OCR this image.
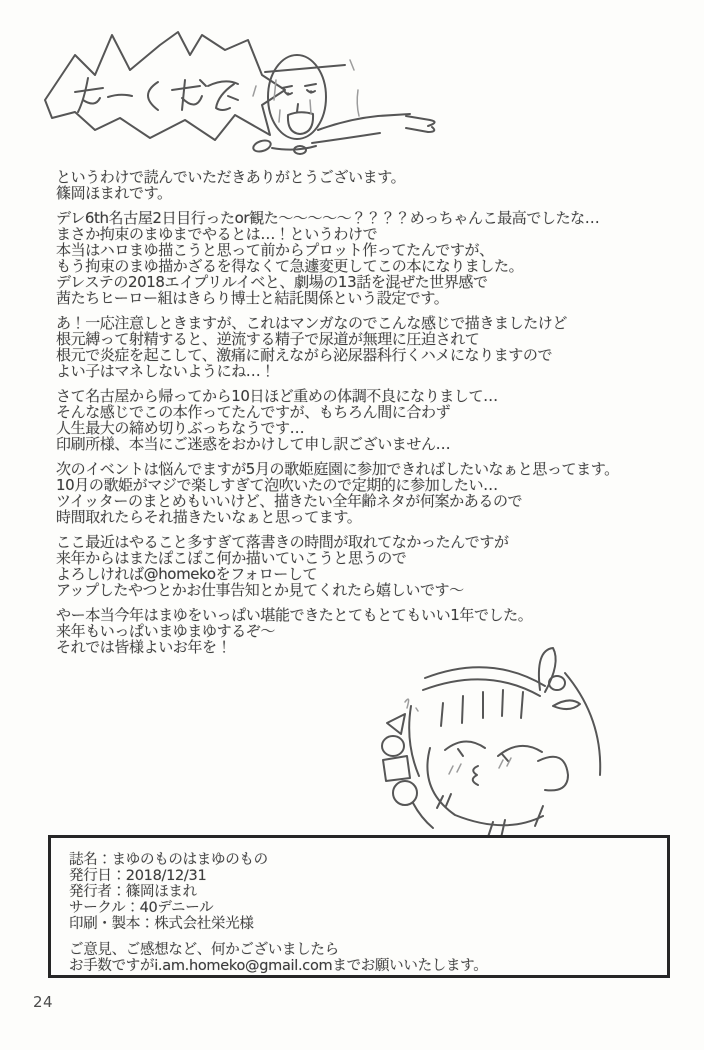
というわけで読んでいただきありがとうございます。
篠岡ほまれです。
デレ6th名古屋2日目行ったor観た～～～～～？？？？めっちゃんこ最高でしたな…
まさか拘束のまゆまでやるとは…！というわけで
本当はハロまゆ描こうと思って前からプロット作ってたんですが、
もう拘束のまゆ描かざるを得なくて急遽変更してこの本になりました。
デレステの2018エイプリルイベと、劇場の13話を混ぜた世界感で
茜たちヒーロー組はきらり博士と結託関係という設定です。
あ！一応注意しときますが、これはマンガなのでこんな感じで描きましたけど
根元縛って射精すると、逆流する精子で尿道が無理に圧迫されて
根元で炎症を起こして、激痛に耐えながら泌尿器科行くハメになりますので
よい子はマネしないようにね…！
さて名古屋から帰ってから10日ほど重めの体調不良になりまして…
そんな感じでこの本作ってたんですが、もちろん間に合わず
人生最大の締め切りぶっちなうです…
印刷所様、本当にご迷惑をおかけして申し訳ございません…
次のイベントは悩んでますが5月の歌姫庭園に参加できればしたいなぁと思ってます。
10月の歌姫がマジで楽しすぎて泡吹いたので定期的に参加したい…
ツイッターのまとめもいいけど、描きたい全年齢ネタが何案かあるので
時間取れたらそれ描きたいなぁと思ってます。
ここ最近はやること多すぎて落書きの時間が取れてなかったんですが
来年からはまたぽこぽこ何か描いていこうと思うので
よろしければ@homekoをフォローして
アップしたやつとかお仕事告知とか見てくれたら嬉しいです～
やー本当今年はまゆをいっぱい堪能できたとてもとてもいい1年でした。
来年もいっぱいまゆまゆするぞ～
それでは皆様よいお年を！
誌名：まゆのものはまゆのもの
発行日：2018/12/31
発行者：篠岡ほまれ
サークル：40デニール
印刷・製本：株式会社栄光様
ご意見、ご感想など、何かございましたら
お手数ですがi.am.homeko@gmail.comまでお願いいたします。
24
